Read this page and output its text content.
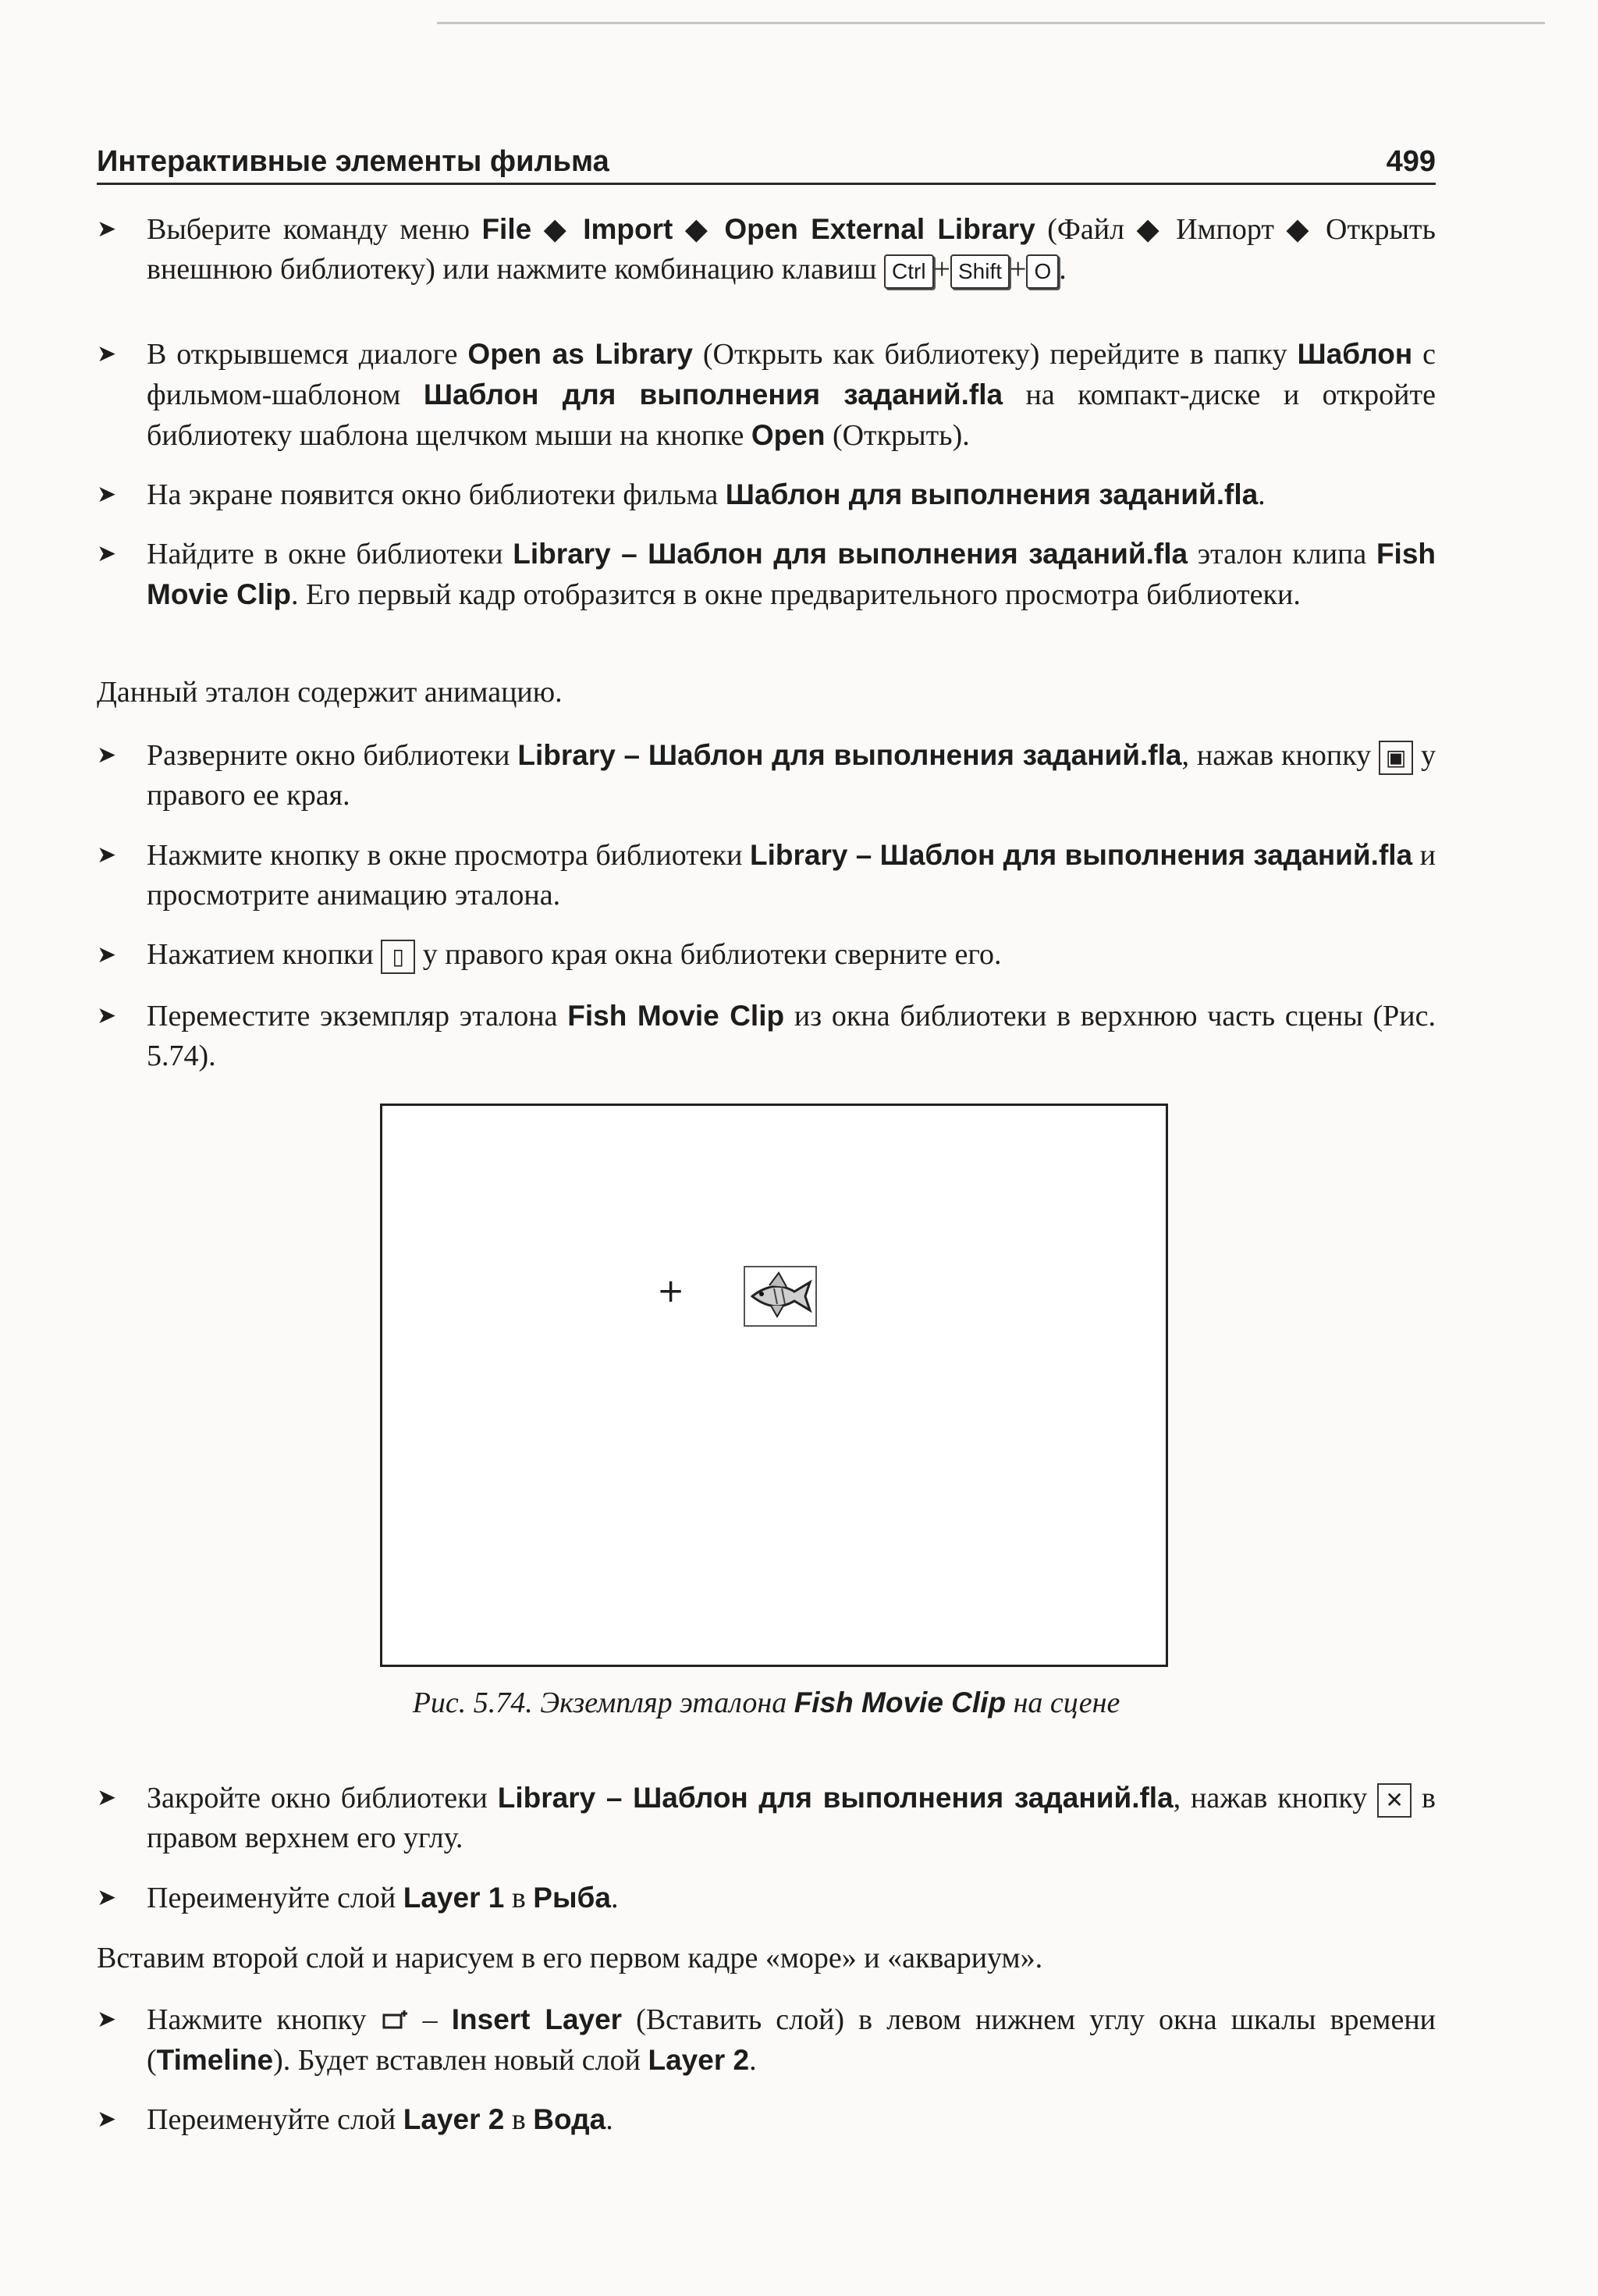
Интерактивные элементы фильма	499
➤	Выберите команду меню File ◆ Import ◆ Open External Library (Файл ◆ Импорт ◆ Открыть внешнюю библиотеку) или нажмите комбинацию клавиш Ctrl + Shift + O .
➤	В открывшемся диалоге Open as Library (Открыть как библиотеку) перейдите в папку Шаблон с фильмом-шаблоном Шаблон для выполнения заданий.fla на компакт-диске и откройте библиотеку шаблона щелчком мыши на кнопке Open (Открыть).
➤	На экране появится окно библиотеки фильма Шаблон для выполнения заданий.fla.
➤	Найдите в окне библиотеки Library – Шаблон для выполнения заданий.fla эталон клипа Fish Movie Clip. Его первый кадр отобразится в окне предварительного просмотра библиотеки.
Данный эталон содержит анимацию.
➤	Разверните окно библиотеки Library – Шаблон для выполнения заданий.fla, нажав кнопку ▣ у правого ее края.
➤	Нажмите кнопку в окне просмотра библиотеки Library – Шаблон для выполнения заданий.fla и просмотрите анимацию эталона.
➤	Нажатием кнопки ▯ у правого края окна библиотеки сверните его.
➤	Переместите экземпляр эталона Fish Movie Clip из окна библиотеки в верхнюю часть сцены (Рис. 5.74).
+
Рис. 5.74. Экземпляр эталона Fish Movie Clip на сцене
➤	Закройте окно библиотеки Library – Шаблон для выполнения заданий.fla, нажав кнопку ✕ в правом верхнем его углу.
➤	Переименуйте слой Layer 1 в Рыба.
Вставим второй слой и нарисуем в его первом кадре «море» и «аквариум».
➤	Нажмите кнопку  – Insert Layer (Вставить слой) в левом нижнем углу окна шкалы времени (Timeline). Будет вставлен новый слой Layer 2.
➤	Переименуйте слой Layer 2 в Вода.
